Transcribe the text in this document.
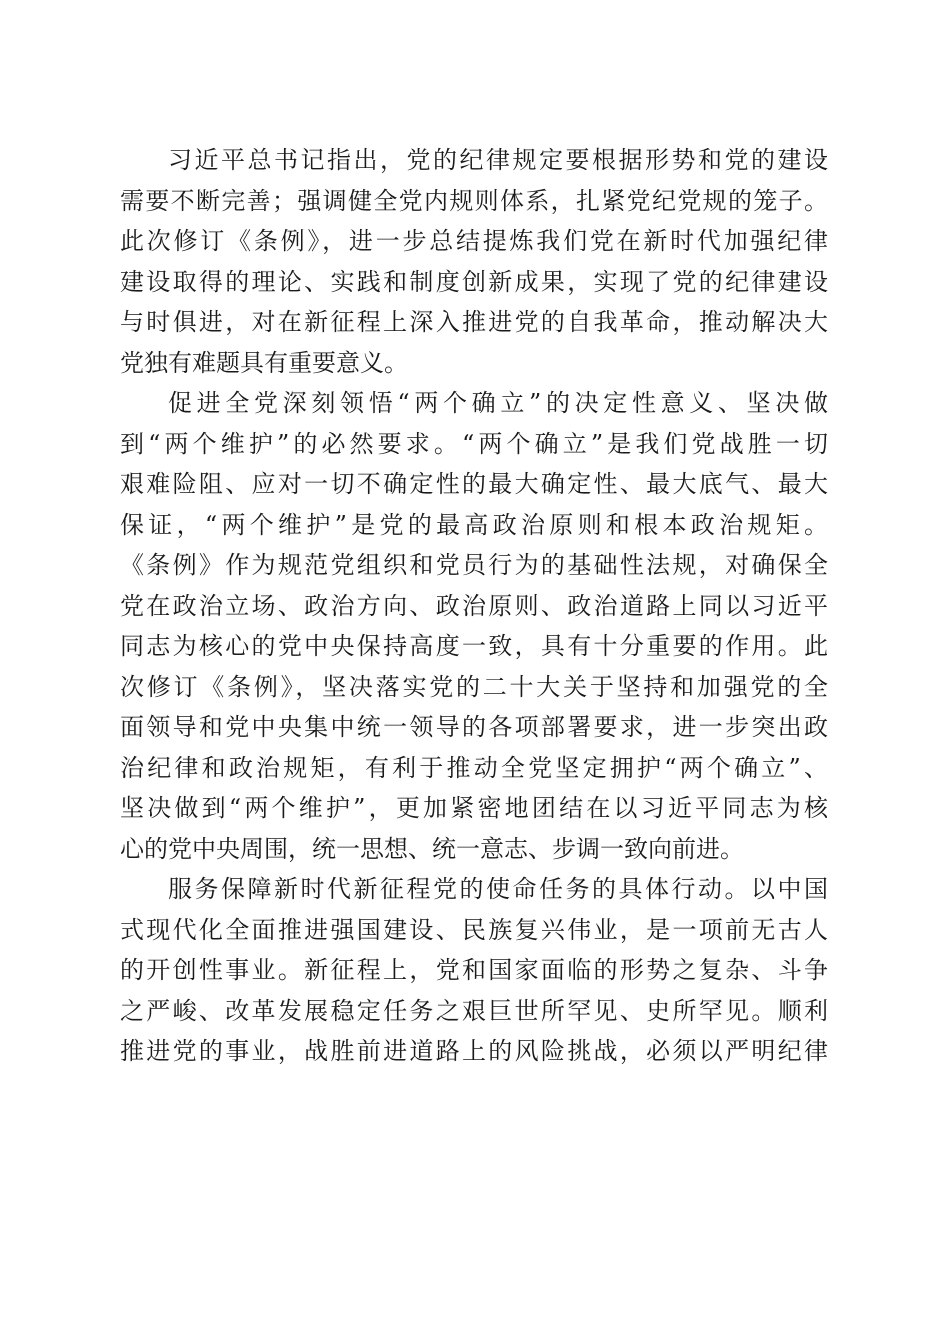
习近平总书记指出，党的纪律规定要根据形势和党的建设
需要不断完善；强调健全党内规则体系，扎紧党纪党规的笼子。
此次修订《条例》，进一步总结提炼我们党在新时代加强纪律
建设取得的理论、实践和制度创新成果，实现了党的纪律建设
与时俱进，对在新征程上深入推进党的自我革命，推动解决大
党独有难题具有重要意义。
促进全党深刻领悟“两个确立”的决定性意义、坚决做
到“两个维护”的必然要求。“两个确立”是我们党战胜一切
艰难险阻、应对一切不确定性的最大确定性、最大底气、最大
保证，“两个维护”是党的最高政治原则和根本政治规矩。
《条例》作为规范党组织和党员行为的基础性法规，对确保全
党在政治立场、政治方向、政治原则、政治道路上同以习近平
同志为核心的党中央保持高度一致，具有十分重要的作用。此
次修订《条例》，坚决落实党的二十大关于坚持和加强党的全
面领导和党中央集中统一领导的各项部署要求，进一步突出政
治纪律和政治规矩，有利于推动全党坚定拥护“两个确立”、
坚决做到“两个维护”，更加紧密地团结在以习近平同志为核
心的党中央周围，统一思想、统一意志、步调一致向前进。
服务保障新时代新征程党的使命任务的具体行动。以中国
式现代化全面推进强国建设、民族复兴伟业，是一项前无古人
的开创性事业。新征程上，党和国家面临的形势之复杂、斗争
之严峻、改革发展稳定任务之艰巨世所罕见、史所罕见。顺利
推进党的事业，战胜前进道路上的风险挑战，必须以严明纪律
